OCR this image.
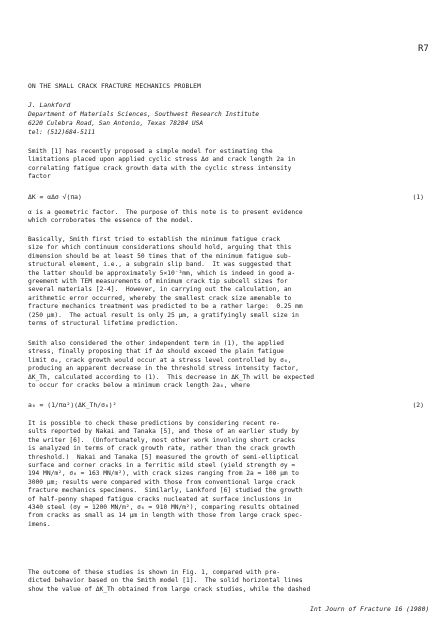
R7
ON THE SMALL CRACK FRACTURE MECHANICS PROBLEM
J. Lankford
Department of Materials Sciences, Southwest Research Institute
6220 Culebra Road, San Antonio, Texas 78284 USA
tel: (512)684-5111
Smith [1] has recently proposed a simple model for estimating the
limitations placed upon applied cyclic stress Δσ and crack length 2a in
correlating fatigue crack growth data with the cyclic stress intensity
factor
ΔK = αΔσ √(πa)	(1)
α is a geometric factor.  The purpose of this note is to present evidence
which corroborates the essence of the model.
Basically, Smith first tried to establish the minimum fatigue crack
size for which continuum considerations should hold, arguing that this
dimension should be at least 50 times that of the minimum fatigue sub-
structural element, i.e., a subgrain slip band.  It was suggested that
the latter should be approximately 5×10⁻³mm, which is indeed in good a-
greement with TEM measurements of minimum crack tip subcell sizes for
several materials [2-4].  However, in carrying out the calculation, an
arithmetic error occurred, whereby the smallest crack size amenable to
fracture mechanics treatment was predicted to be a rather large:  0.25 mm
(250 μm).  The actual result is only 25 μm, a gratifyingly small size in
terms of structural lifetime prediction.
Smith also considered the other independent term in (1), the applied
stress, finally proposing that if Δσ should exceed the plain fatigue
limit σ₀, crack growth would occur at a stress level controlled by σ₀,
producing an apparent decrease in the threshold stress intensity factor,
ΔK_Th, calculated according to (1).  This decrease in ΔK_Th will be expected
to occur for cracks below a minimum crack length 2a₀, where
a₀ = (1/πα²)(ΔK_Th/σ₀)²	(2)
It is possible to check these predictions by considering recent re-
sults reported by Nakai and Tanaka [5], and those of an earlier study by
the writer [6].  (Unfortunately, most other work involving short cracks
is analyzed in terms of crack growth rate, rather than the crack growth
threshold.)  Nakai and Tanaka [5] measured the growth of semi-elliptical
surface and corner cracks in a ferritic mild steel (yield strength σy =
194 MN/m², σ₀ = 163 MN/m²), with crack sizes ranging from 2a = 100 μm to
3000 μm; results were compared with those from conventional large crack
fracture mechanics specimens.  Similarly, Lankford [6] studied the growth
of half-penny shaped fatigue cracks nucleated at surface inclusions in
4340 steel (σy = 1200 MN/m², σ₀ = 910 MN/m²), comparing results obtained
from cracks as small as 14 μm in length with those from large crack spec-
imens.
The outcome of these studies is shown in Fig. 1, compared with pre-
dicted behavior based on the Smith model [1].  The solid horizontal lines
show the value of ΔK_Th obtained from large crack studies, while the dashed
Int Journ of Fracture 16 (1980)
